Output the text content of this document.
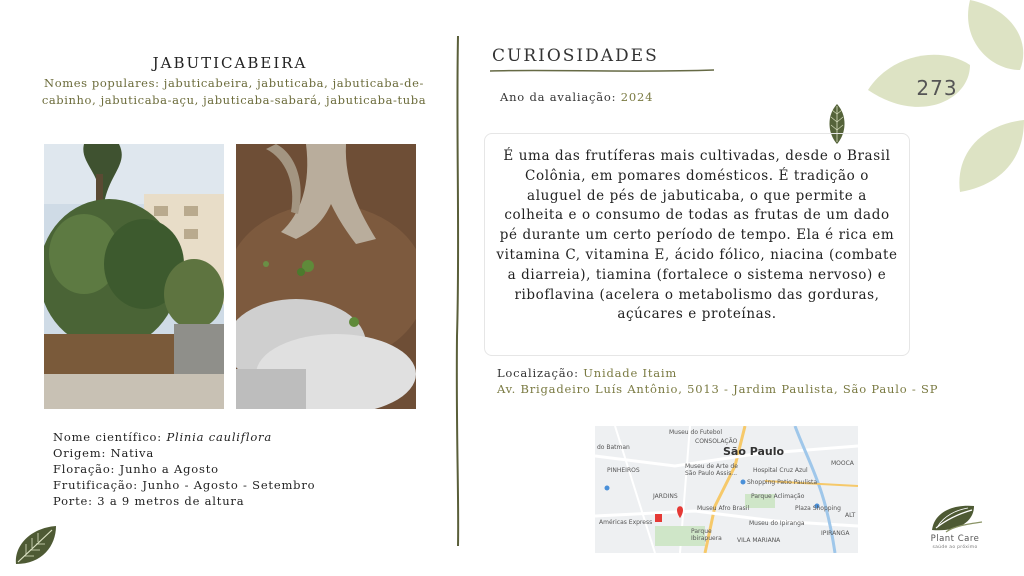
273
JABUTICABEIRA
Nomes populares: jabuticabeira, jabuticaba, jabuticaba-de-cabinho, jabuticaba-açu, jabuticaba-sabará, jabuticaba-tuba
Nome científico: Plinia cauliflora
Origem: Nativa
Floração: Junho a Agosto
Frutificação: Junho - Agosto - Setembro
Porte: 3 a 9 metros de altura
CURIOSIDADES
Ano da avaliação: 2024
É uma das frutíferas mais cultivadas, desde o Brasil Colônia, em pomares domésticos. É tradição o aluguel de pés de jabuticaba, o que permite a colheita e o consumo de todas as frutas de um dado pé durante um certo período de tempo. Ela é rica em vitamina C, vitamina E, ácido fólico, niacina (combate a diarreia), tiamina (fortalece o sistema nervoso) e riboflavina (acelera o metabolismo das gorduras, açúcares e proteínas.
Localização: Unidade Itaim
Av. Brigadeiro Luís Antônio, 5013 - Jardim Paulista, São Paulo - SP
Museu do Futebol
CONSOLAÇÃO
do Batman	São Paulo
PINHEIROS
Museu de Arte de São Paulo Assis...	Hospital Cruz Azul
MOOCA
Shopping Patio Paulista
JARDINS	Parque Aclimação
Museu Afro Brasil	Plaza Shopping
ALT
Américas Express
Parque Ibirapuera
Museu do Ipiranga
VILA MARIANA
IPIRANGA
Plant Care
saúde ao próximo
